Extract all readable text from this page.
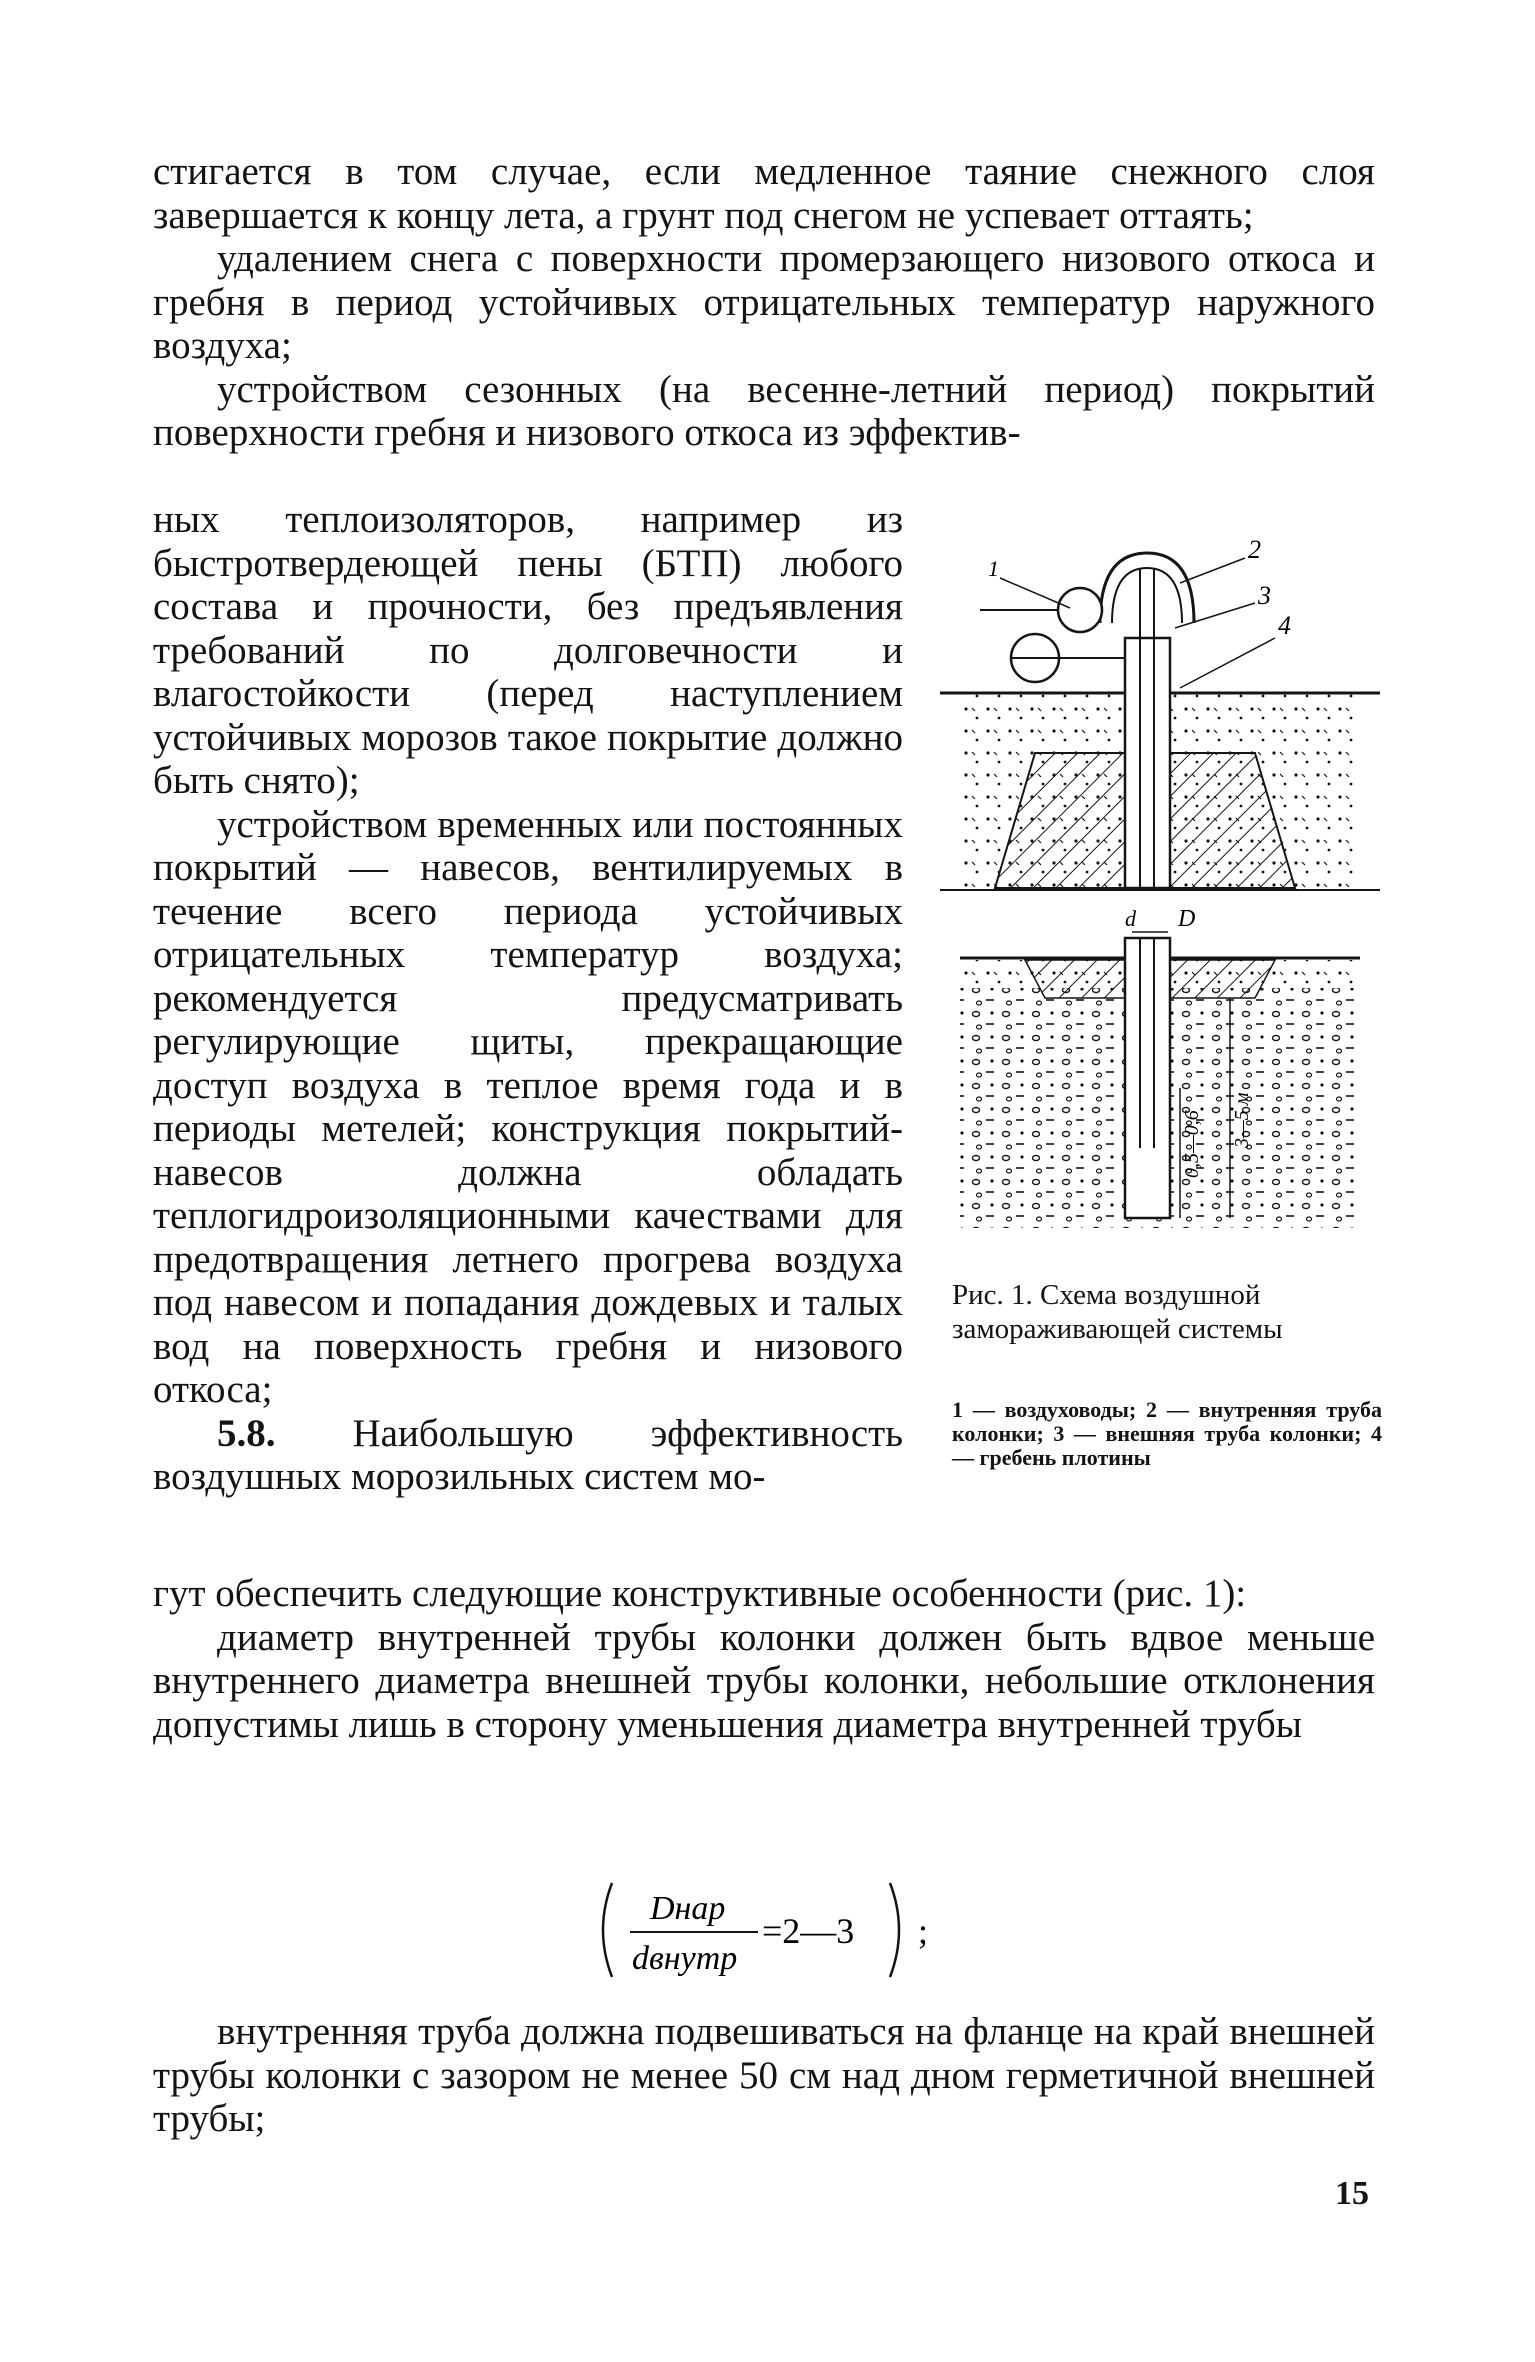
стигается в том случае, если медленное таяние снежного слоя завершается к концу лета, а грунт под снегом не успевает оттаять;

удалением снега с поверхности промерзающего низового откоса и гребня в период устойчивых отрицательных температур наружного воздуха;

устройством сезонных (на весенне-летний период) покрытий поверхности гребня и низового откоса из эффектив-

ных теплоизоляторов, например из быстротвердеющей пены (БТП) любого состава и прочности, без предъявления требований по долговечности и влагостойкости (перед наступлением устойчивых морозов такое покрытие должно быть снято);

устройством временных или постоянных покрытий — навесов, вентилируемых в течение всего периода устойчивых отрицательных температур воздуха; рекомендуется предусматривать регулирующие щиты, прекращающие доступ воздуха в теплое время года и в периоды метелей; конструкция покрытий-навесов должна обладать теплогидроизоляционными качествами для предотвращения летнего прогрева воздуха под навесом и попадания дождевых и талых вод на поверхность гребня и низового откоса;

5.8. Наибольшую эффективность воздушных морозильных систем мо-

гут обеспечить следующие конструктивные особенности (рис. 1):

диаметр внутренней трубы колонки должен быть вдвое меньше внутреннего диаметра внешней трубы колонки, небольшие отклонения допустимы лишь в сторону уменьшения диаметра внутренней трубы

Dнар
dвнутр
=2—3 ;

внутренняя труба должна подвешиваться на фланце на край внешней трубы колонки с зазором не менее 50 см над дном герметичной внешней трубы;

1
2
3
4
d D
0,5—0,6 3—5 м
Рис. 1. Схема воздушной замораживающей системы
1 — воздуховоды; 2 — внутренняя труба колонки; 3 — внешняя труба колонки; 4 — гребень плотины
15
